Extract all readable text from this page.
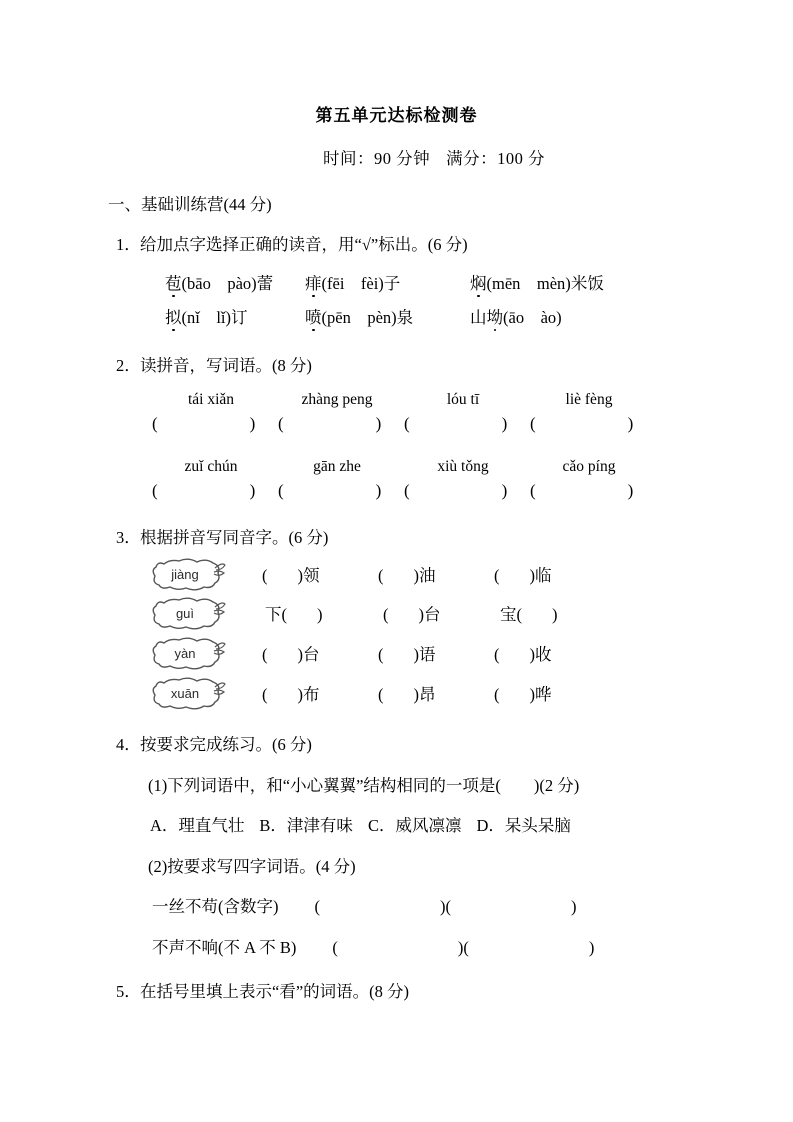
第五单元达标检测卷
时间：90 分钟 满分：100 分
一、基础训练营(44 分)
1．给加点字选择正确的读音，用“√”标出。(6 分)
苞(bāo　pào)蕾 痱(fēi　fèi)子	焖(mēn　mèn)米饭
拟(nǐ　lǐ)订	喷(pēn　pèn)泉	山坳(āo　ào)
2．读拼音，写词语。(8 分)
tái xiǎn	zhàng peng	lóu tī	liè fèng
(	) (	) (	) (	)
zuǐ chún	gān zhe	xiù tǒng	cǎo píng
(	) (	) (	) (	)
3．根据拼音写同音字。(6 分)
jiàng	( )领	( )油	( )临
guì	下( )	( )台	宝( )
yàn	( )台	( )语	( )收
xuān	( )布	( )昂	( )哗
4．按要求完成练习。(6 分)
(1)下列词语中，和“小心翼翼”结构相同的一项是(　　)(2 分)
A．理直气壮 B．津津有味 C．威风凛凛 D．呆头呆脑
(2)按要求写四字词语。(4 分)
一丝不苟(含数字) (	)(	)
不声不响(不 A 不 B) (	)(	)
5．在括号里填上表示“看”的词语。(8 分)
